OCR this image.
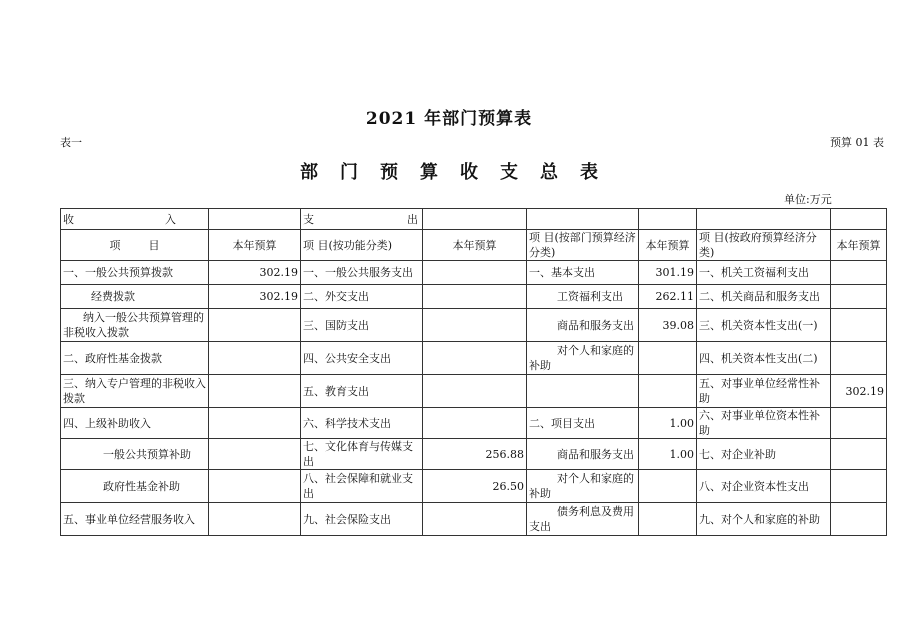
2021 年部门预算表
表一	预算 01 表
部门预算收支总表
单位:万元
收 入		支 出					

项 目	本年预算	项 目(按功能分类)	本年预算	项 目(按部门预算经济分类)	本年预算	项 目(按政府预算经济分类)	本年预算
一、一般公共预算拨款	302.19	一、一般公共服务支出		一、基本支出	301.19	一、机关工资福利支出	
经费拨款	302.19	二、外交支出		工资福利支出	262.11	二、机关商品和服务支出	
纳入一般公共预算管理的非税收入拨款		三、国防支出		商品和服务支出	39.08	三、机关资本性支出(一)	
二、政府性基金拨款		四、公共安全支出		对个人和家庭的补助		四、机关资本性支出(二)	
三、纳入专户管理的非税收入拨款		五、教育支出				五、对事业单位经常性补助	302.19
四、上级补助收入		六、科学技术支出		二、项目支出	1.00	六、对事业单位资本性补助	
一般公共预算补助		七、文化体育与传媒支出	256.88	商品和服务支出	1.00	七、对企业补助	
政府性基金补助		八、社会保障和就业支出	26.50	对个人和家庭的补助		八、对企业资本性支出	
五、事业单位经营服务收入		九、社会保险支出		债务利息及费用支出		九、对个人和家庭的补助	
